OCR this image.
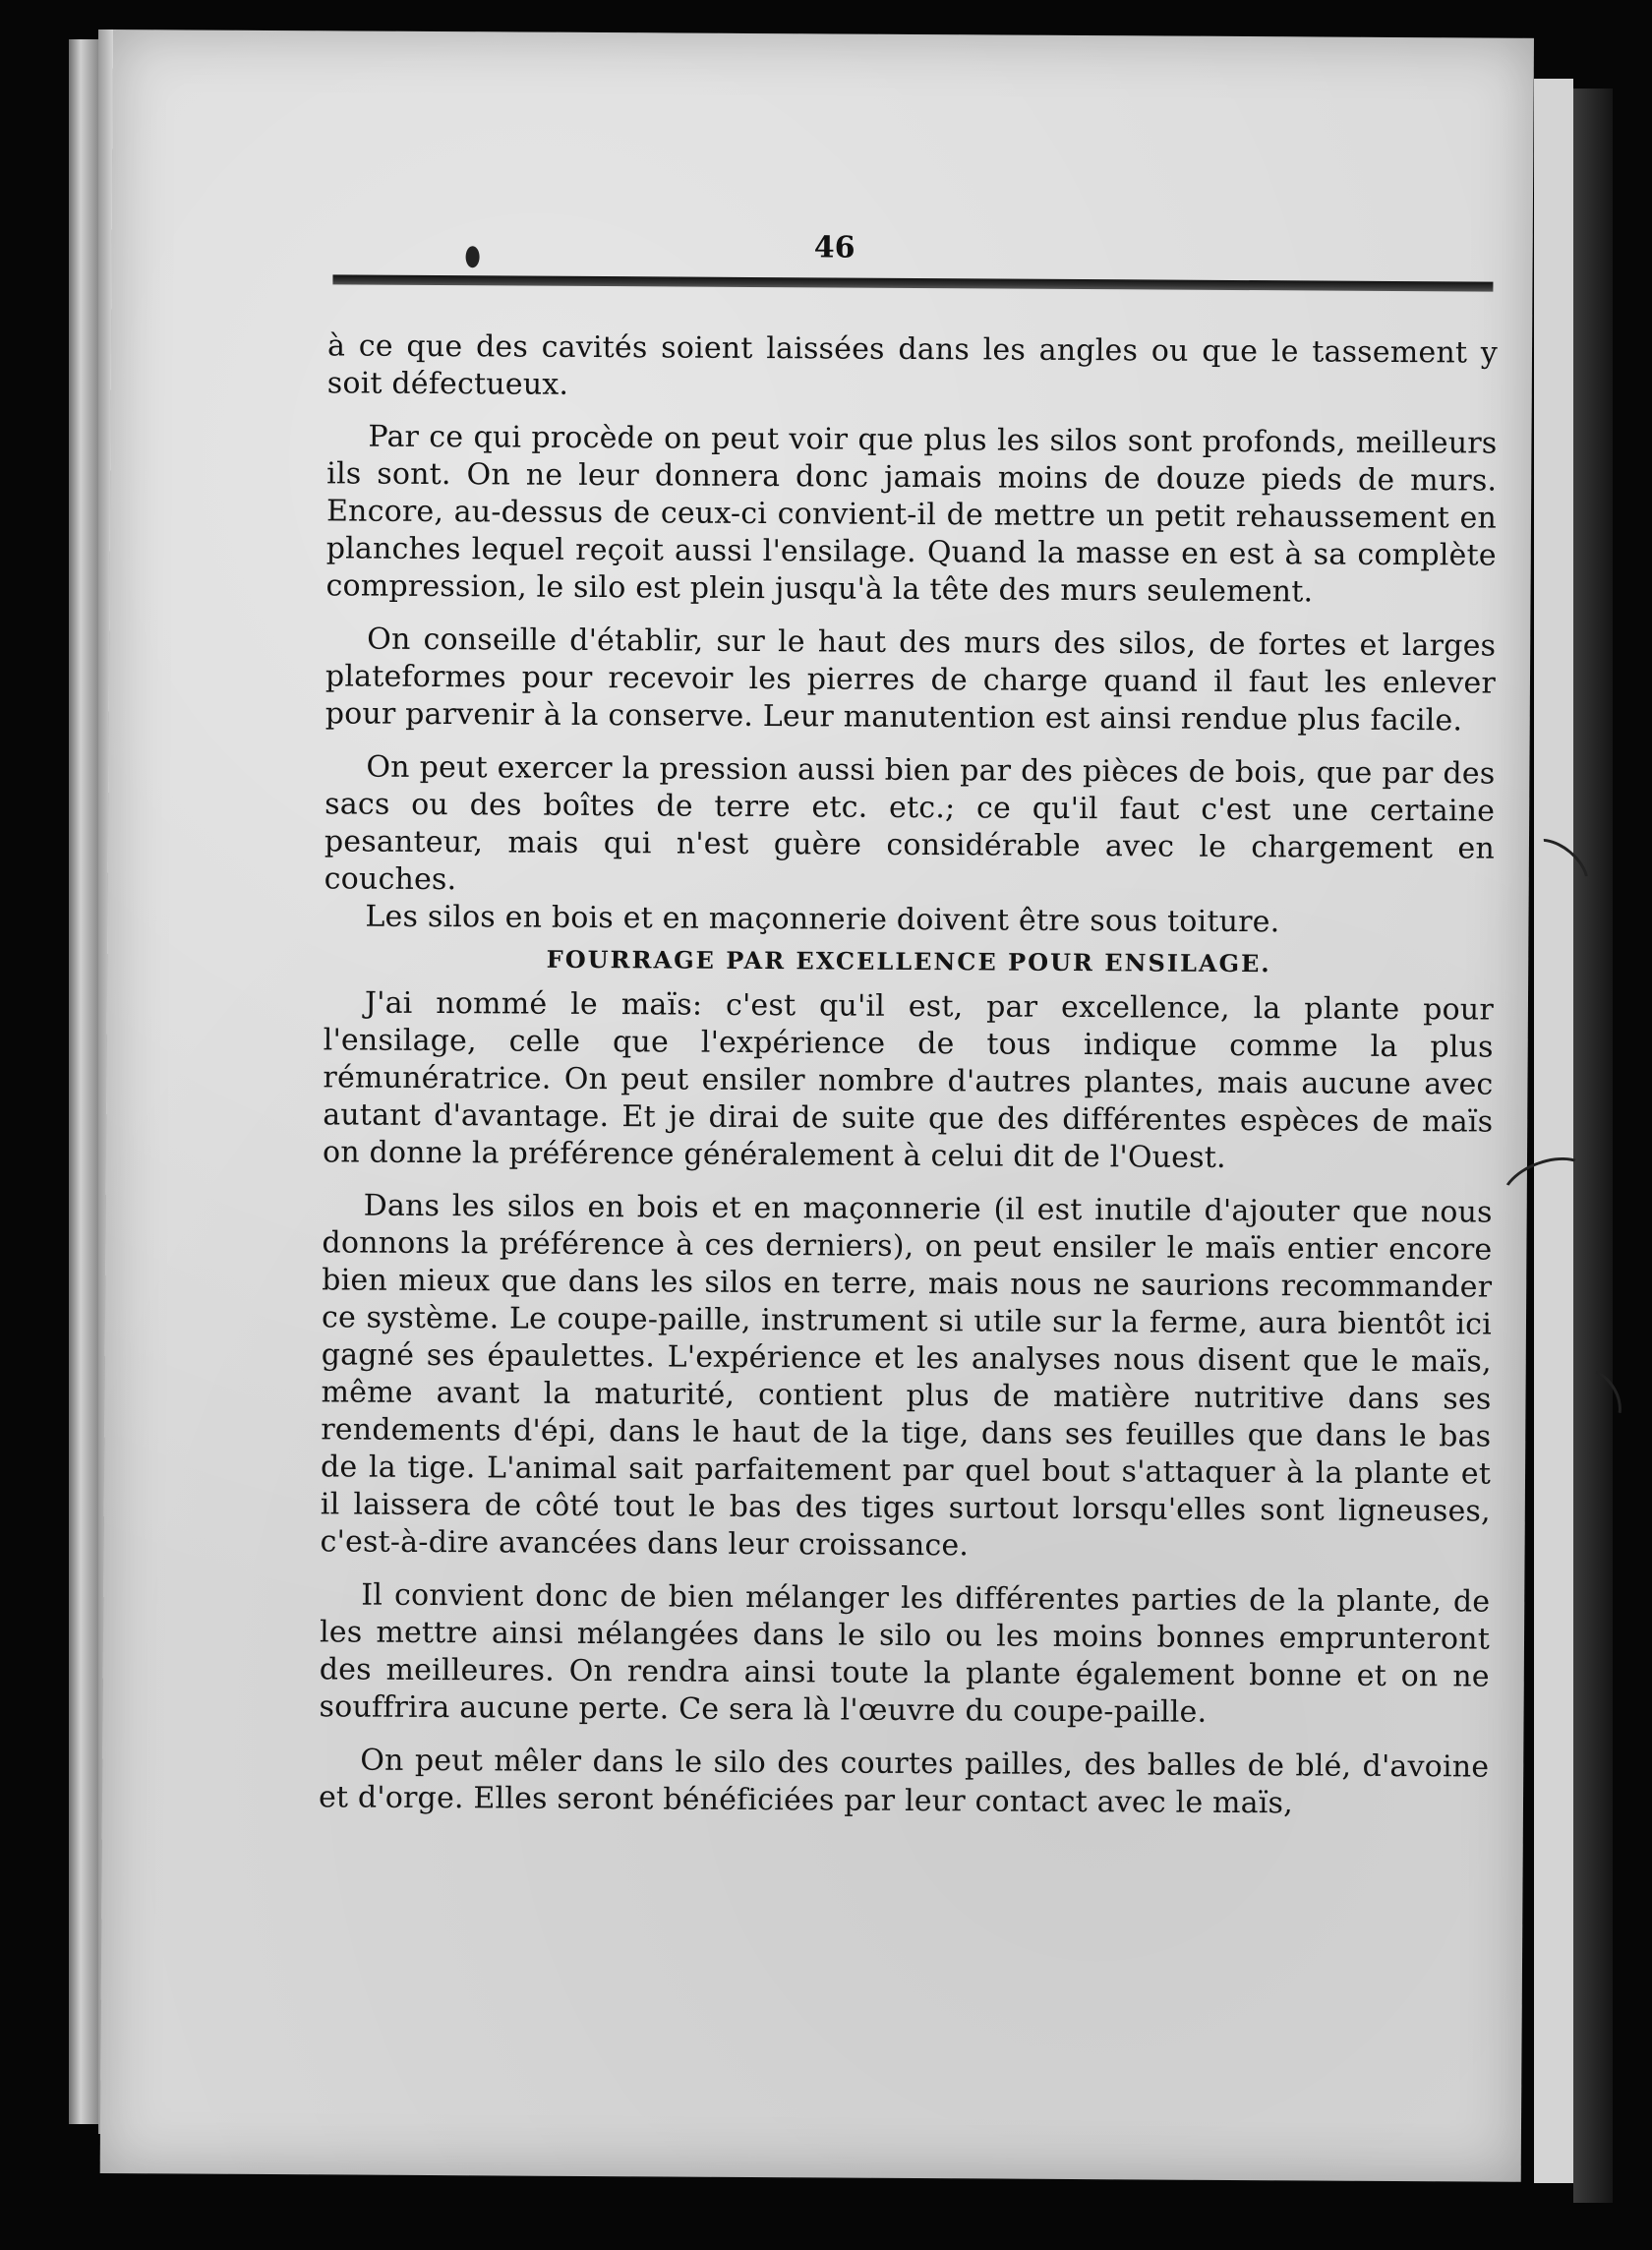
46

à ce que des cavités soient laissées dans les angles ou que le tassement y soit défectueux.

Par ce qui procède on peut voir que plus les silos sont profonds, meilleurs ils sont. On ne leur donnera donc jamais moins de douze pieds de murs. Encore, au-dessus de ceux-ci convient-il de mettre un petit rehaussement en planches lequel reçoit aussi l'ensilage. Quand la masse en est à sa complète compression, le silo est plein jusqu'à la tête des murs seulement.

On conseille d'établir, sur le haut des murs des silos, de fortes et larges plateformes pour recevoir les pierres de charge quand il faut les enlever pour parvenir à la conserve. Leur manutention est ainsi rendue plus facile.

On peut exercer la pression aussi bien par des pièces de bois, que par des sacs ou des boîtes de terre etc. etc.; ce qu'il faut c'est une certaine pesanteur, mais qui n'est guère considérable avec le chargement en couches.

Les silos en bois et en maçonnerie doivent être sous toiture.

FOURRAGE PAR EXCELLENCE POUR ENSILAGE.

J'ai nommé le maïs: c'est qu'il est, par excellence, la plante pour l'ensilage, celle que l'expérience de tous indique comme la plus rémunératrice. On peut ensiler nombre d'autres plantes, mais aucune avec autant d'avantage. Et je dirai de suite que des différentes espèces de maïs on donne la préférence généralement à celui dit de l'Ouest.

Dans les silos en bois et en maçonnerie (il est inutile d'ajouter que nous donnons la préférence à ces derniers), on peut ensiler le maïs entier encore bien mieux que dans les silos en terre, mais nous ne saurions recommander ce système. Le coupe-paille, instrument si utile sur la ferme, aura bientôt ici gagné ses épaulettes. L'expérience et les analyses nous disent que le maïs, même avant la maturité, contient plus de matière nutritive dans ses rendements d'épi, dans le haut de la tige, dans ses feuilles que dans le bas de la tige. L'animal sait parfaitement par quel bout s'attaquer à la plante et il laissera de côté tout le bas des tiges surtout lorsqu'elles sont ligneuses, c'est-à-dire avancées dans leur croissance.

Il convient donc de bien mélanger les différentes parties de la plante, de les mettre ainsi mélangées dans le silo ou les moins bonnes emprunteront des meilleures. On rendra ainsi toute la plante également bonne et on ne souffrira aucune perte. Ce sera là l'œuvre du coupe-paille.

On peut mêler dans le silo des courtes pailles, des balles de blé, d'avoine et d'orge. Elles seront bénéficiées par leur contact avec le maïs,
